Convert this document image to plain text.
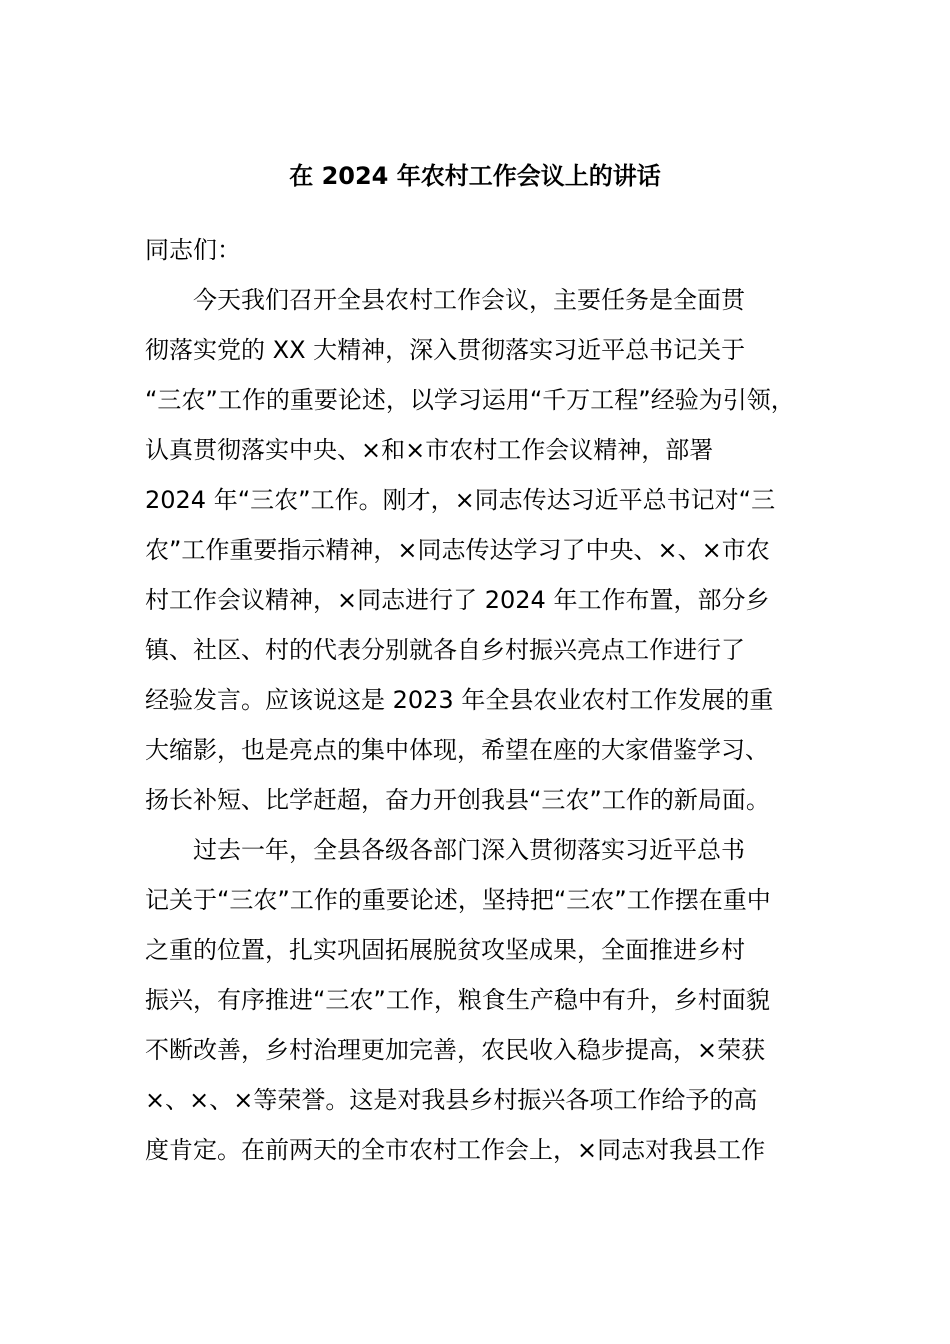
在 2024 年农村工作会议上的讲话

同志们：

　　今天我们召开全县农村工作会议，主要任务是全面贯

彻落实党的 XX 大精神，深入贯彻落实习近平总书记关于

“三农”工作的重要论述，以学习运用“千万工程”经验为引领，

认真贯彻落实中央、×和×市农村工作会议精神，部署

2024 年“三农”工作。刚才，×同志传达习近平总书记对“三

农”工作重要指示精神，×同志传达学习了中央、×、×市农

村工作会议精神，×同志进行了 2024 年工作布置，部分乡

镇、社区、村的代表分别就各自乡村振兴亮点工作进行了

经验发言。应该说这是 2023 年全县农业农村工作发展的重

大缩影，也是亮点的集中体现，希望在座的大家借鉴学习、

扬长补短、比学赶超，奋力开创我县“三农”工作的新局面。

　　过去一年，全县各级各部门深入贯彻落实习近平总书

记关于“三农”工作的重要论述，坚持把“三农”工作摆在重中

之重的位置，扎实巩固拓展脱贫攻坚成果，全面推进乡村

振兴，有序推进“三农”工作，粮食生产稳中有升，乡村面貌

不断改善，乡村治理更加完善，农民收入稳步提高，×荣获

×、×、×等荣誉。这是对我县乡村振兴各项工作给予的高

度肯定。在前两天的全市农村工作会上，×同志对我县工作
